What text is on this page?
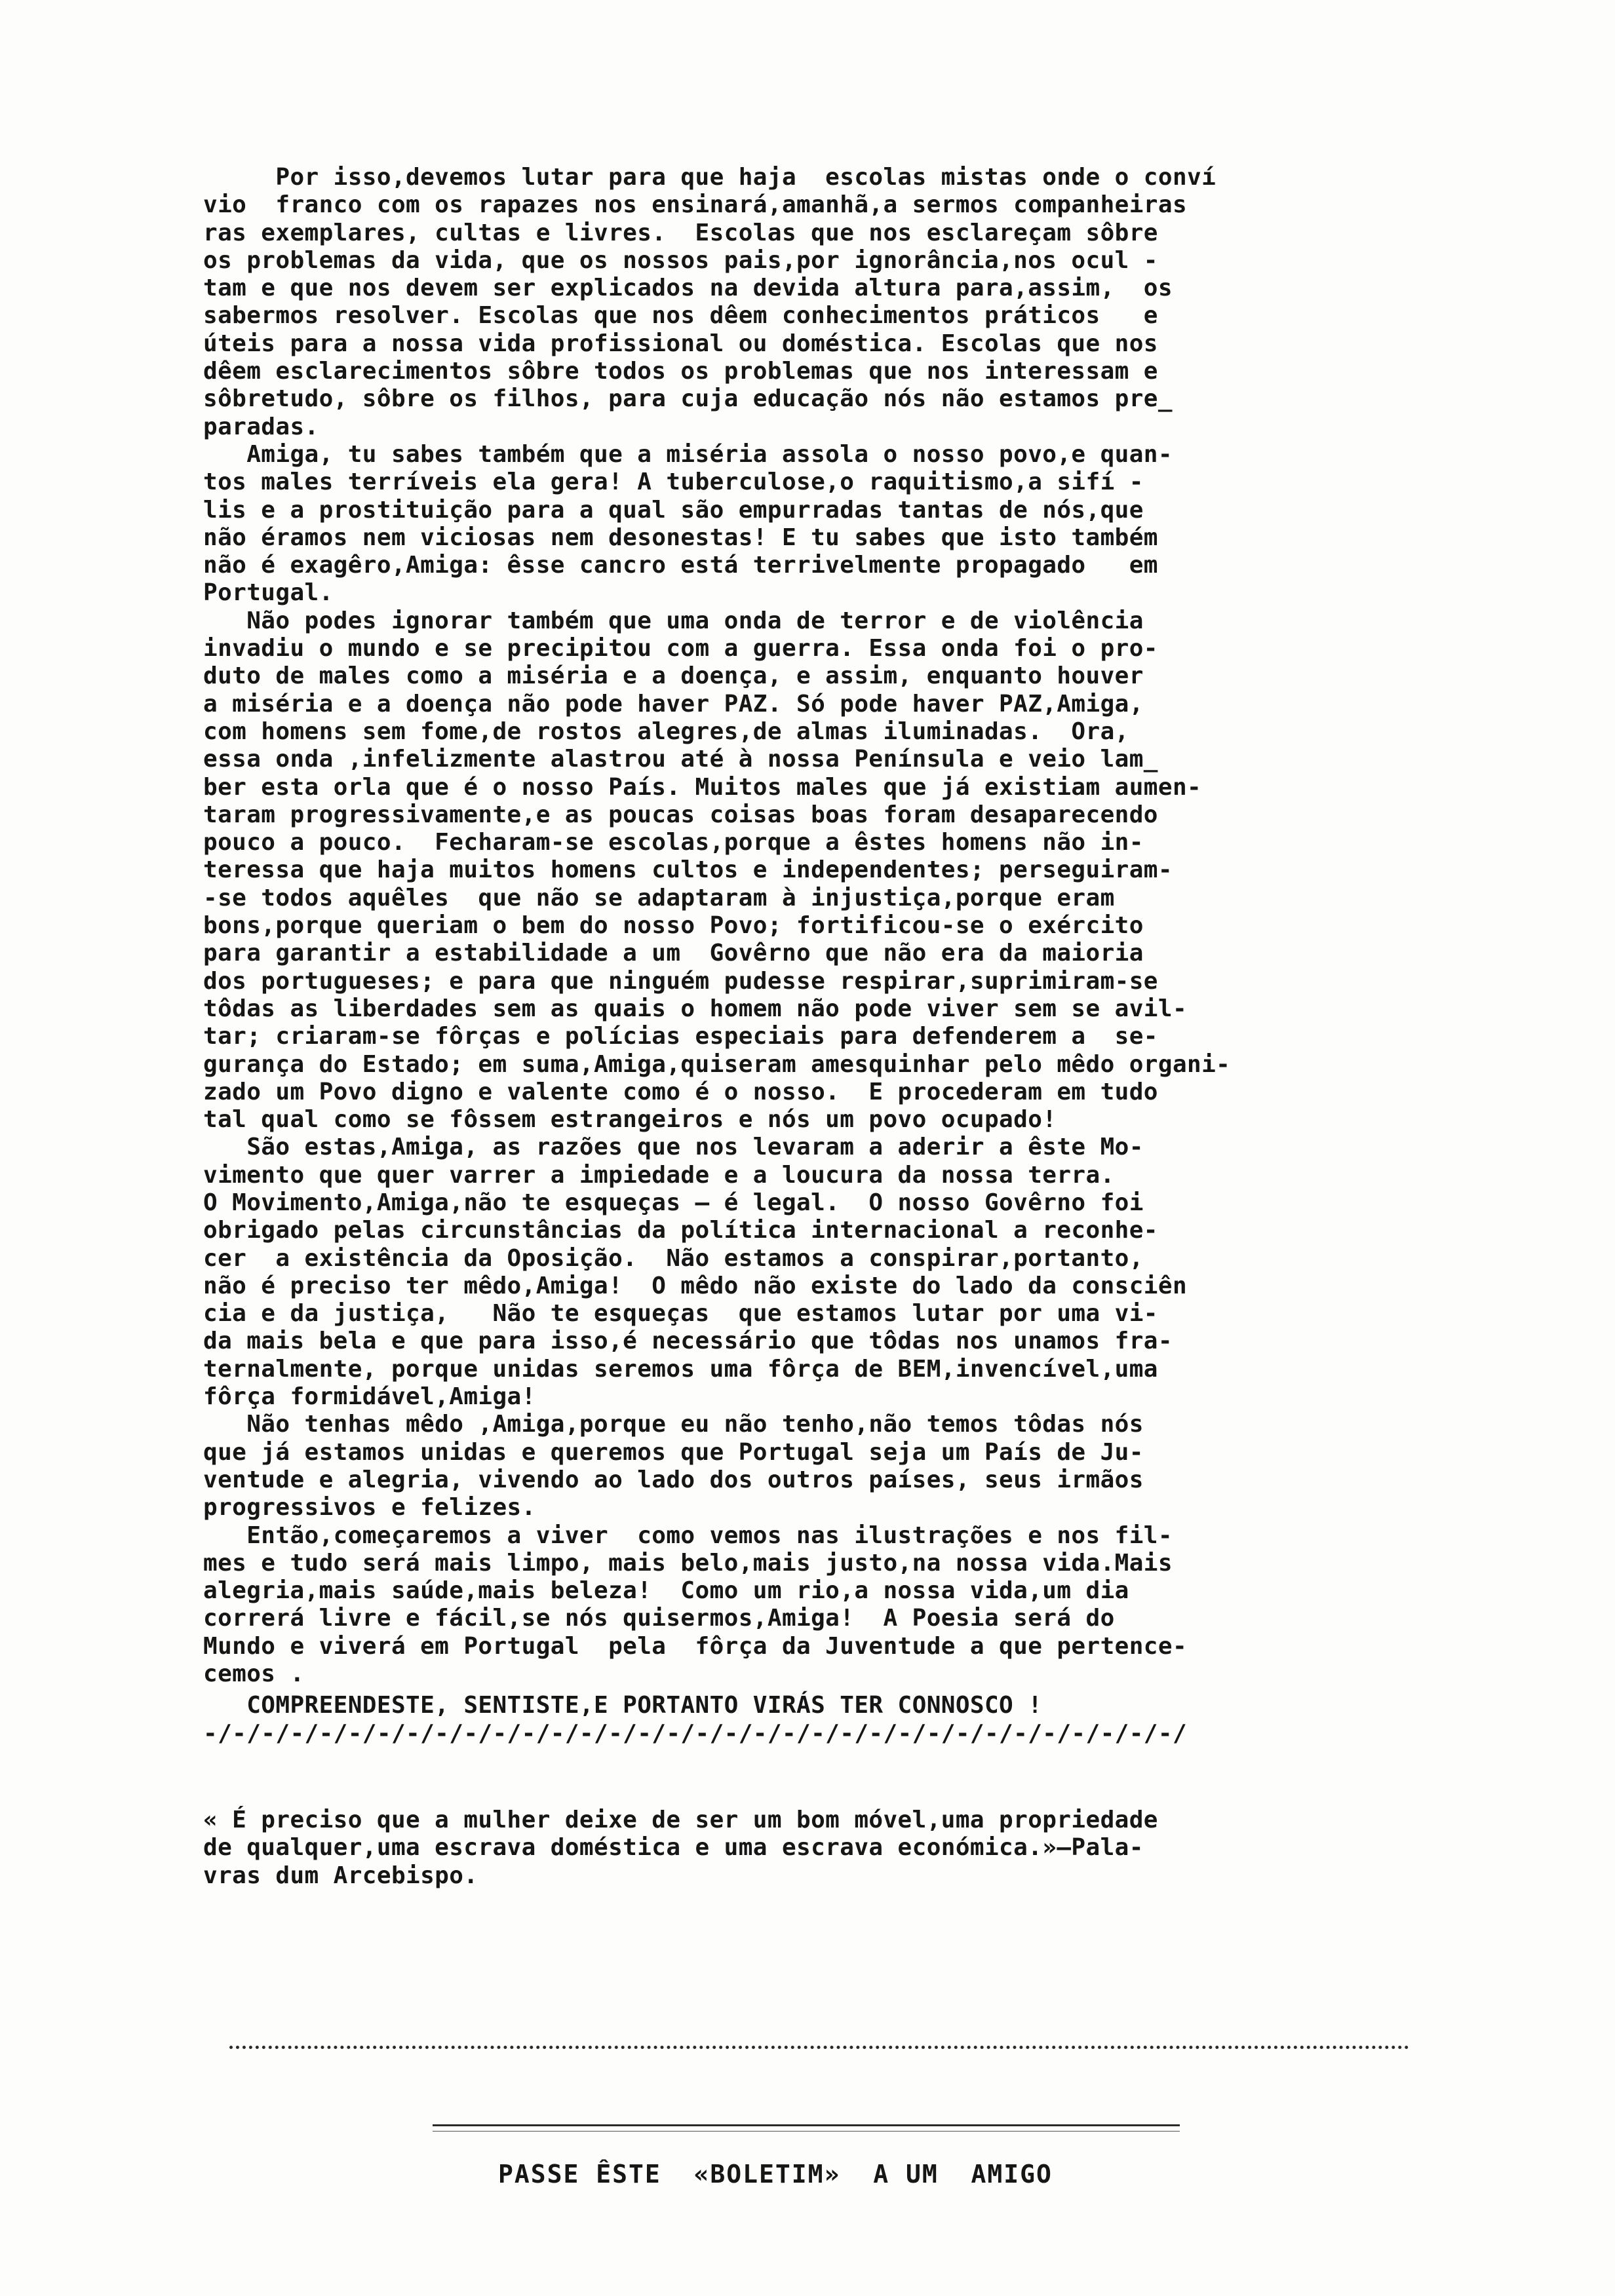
Por isso,devemos lutar para que haja  escolas mistas onde o conví
vio  franco com os rapazes nos ensinará,amanhã,a sermos companheiras
ras exemplares, cultas e livres.  Escolas que nos esclareçam sôbre
os problemas da vida, que os nossos pais,por ignorância,nos ocul -
tam e que nos devem ser explicados na devida altura para,assim,  os
sabermos resolver. Escolas que nos dêem conhecimentos práticos   e
úteis para a nossa vida profissional ou doméstica. Escolas que nos
dêem esclarecimentos sôbre todos os problemas que nos interessam e
sôbretudo, sôbre os filhos, para cuja educação nós não estamos pre_
paradas.
Amiga, tu sabes também que a miséria assola o nosso povo,e quan-
tos males terríveis ela gera! A tuberculose,o raquitismo,a sifí -
lis e a prostituição para a qual são empurradas tantas de nós,que
não éramos nem viciosas nem desonestas! E tu sabes que isto também
não é exagêro,Amiga: êsse cancro está terrivelmente propagado   em
Portugal.
Não podes ignorar também que uma onda de terror e de violência
invadiu o mundo e se precipitou com a guerra. Essa onda foi o pro-
duto de males como a miséria e a doença, e assim, enquanto houver
a miséria e a doença não pode haver PAZ. Só pode haver PAZ,Amiga,
com homens sem fome,de rostos alegres,de almas iluminadas.  Ora,
essa onda ,infelizmente alastrou até à nossa Península e veio lam_
ber esta orla que é o nosso País. Muitos males que já existiam aumen-
taram progressivamente,e as poucas coisas boas foram desaparecendo
pouco a pouco.  Fecharam-se escolas,porque a êstes homens não in-
teressa que haja muitos homens cultos e independentes; perseguiram-
-se todos aquêles  que não se adaptaram à injustiça,porque eram
bons,porque queriam o bem do nosso Povo; fortificou-se o exército
para garantir a estabilidade a um  Govêrno que não era da maioria
dos portugueses; e para que ninguém pudesse respirar,suprimiram-se
tôdas as liberdades sem as quais o homem não pode viver sem se avil-
tar; criaram-se fôrças e polícias especiais para defenderem a  se-
gurança do Estado; em suma,Amiga,quiseram amesquinhar pelo mêdo organi-
zado um Povo digno e valente como é o nosso.  E procederam em tudo
tal qual como se fôssem estrangeiros e nós um povo ocupado!
São estas,Amiga, as razões que nos levaram a aderir a êste Mo-
vimento que quer varrer a impiedade e a loucura da nossa terra.
O Movimento,Amiga,não te esqueças — é legal.  O nosso Govêrno foi
obrigado pelas circunstâncias da política internacional a reconhe-
cer  a existência da Oposição.  Não estamos a conspirar,portanto,
não é preciso ter mêdo,Amiga!  O mêdo não existe do lado da consciên
cia e da justiça,   Não te esqueças  que estamos lutar por uma vi-
da mais bela e que para isso,é necessário que tôdas nos unamos fra-
ternalmente, porque unidas seremos uma fôrça de BEM,invencível,uma
fôrça formidável,Amiga!
Não tenhas mêdo ,Amiga,porque eu não tenho,não temos tôdas nós
que já estamos unidas e queremos que Portugal seja um País de Ju-
ventude e alegria, vivendo ao lado dos outros países, seus irmãos
progressivos e felizes.
Então,começaremos a viver  como vemos nas ilustrações e nos fil-
mes e tudo será mais limpo, mais belo,mais justo,na nossa vida.Mais
alegria,mais saúde,mais beleza!  Como um rio,a nossa vida,um dia
correrá livre e fácil,se nós quisermos,Amiga!  A Poesia será do
Mundo e viverá em Portugal  pela  fôrça da Juventude a que pertence-
cemos .
COMPREENDESTE, SENTISTE,E PORTANTO VIRÁS TER CONNOSCO !
-/-/-/-/-/-/-/-/-/-/-/-/-/-/-/-/-/-/-/-/-/-/-/-/-/-/-/-/-/-/-/-/-/-/
« É preciso que a mulher deixe de ser um bom móvel,uma propriedade
de qualquer,uma escrava doméstica e uma escrava económica.»—Pala-
vras dum Arcebispo.
PASSE ÊSTE  «BOLETIM»  A UM  AMIGO
